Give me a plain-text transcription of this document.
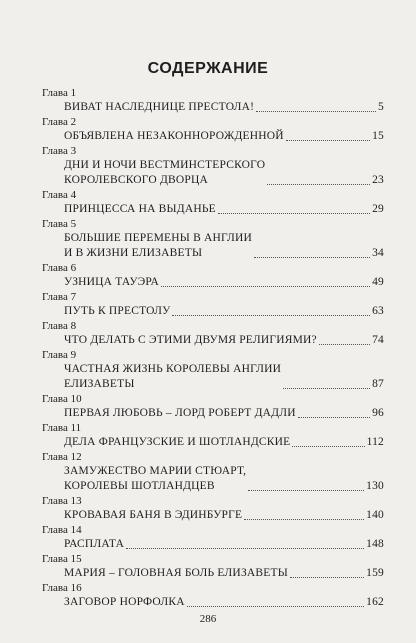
СОДЕРЖАНИЕ
Глава 1
ВИВАТ НАСЛЕДНИЦЕ ПРЕСТОЛА!	5
Глава 2
ОБЪЯВЛЕНА НЕЗАКОННОРОЖДЕННОЙ	15
Глава 3
ДНИ И НОЧИ ВЕСТМИНСТЕРСКОГО
КОРОЛЕВСКОГО ДВОРЦА	23
Глава 4
ПРИНЦЕССА НА ВЫДАНЬЕ	29
Глава 5
БОЛЬШИЕ ПЕРЕМЕНЫ В АНГЛИИ
И В ЖИЗНИ ЕЛИЗАВЕТЫ	34
Глава 6
УЗНИЦА ТАУЭРА	49
Глава 7
ПУТЬ К ПРЕСТОЛУ	63
Глава 8
ЧТО ДЕЛАТЬ С ЭТИМИ ДВУМЯ РЕЛИГИЯМИ?	74
Глава 9
ЧАСТНАЯ ЖИЗНЬ КОРОЛЕВЫ АНГЛИИ
ЕЛИЗАВЕТЫ	87
Глава 10
ПЕРВАЯ ЛЮБОВЬ – ЛОРД РОБЕРТ ДАДЛИ	96
Глава 11
ДЕЛА ФРАНЦУЗСКИЕ И ШОТЛАНДСКИЕ	112
Глава 12
ЗАМУЖЕСТВО МАРИИ СТЮАРТ,
КОРОЛЕВЫ ШОТЛАНДЦЕВ	130
Глава 13
КРОВАВАЯ БАНЯ В ЭДИНБУРГЕ	140
Глава 14
РАСПЛАТА	148
Глава 15
МАРИЯ – ГОЛОВНАЯ БОЛЬ ЕЛИЗАВЕТЫ	159
Глава 16
ЗАГОВОР НОРФОЛКА	162
286
